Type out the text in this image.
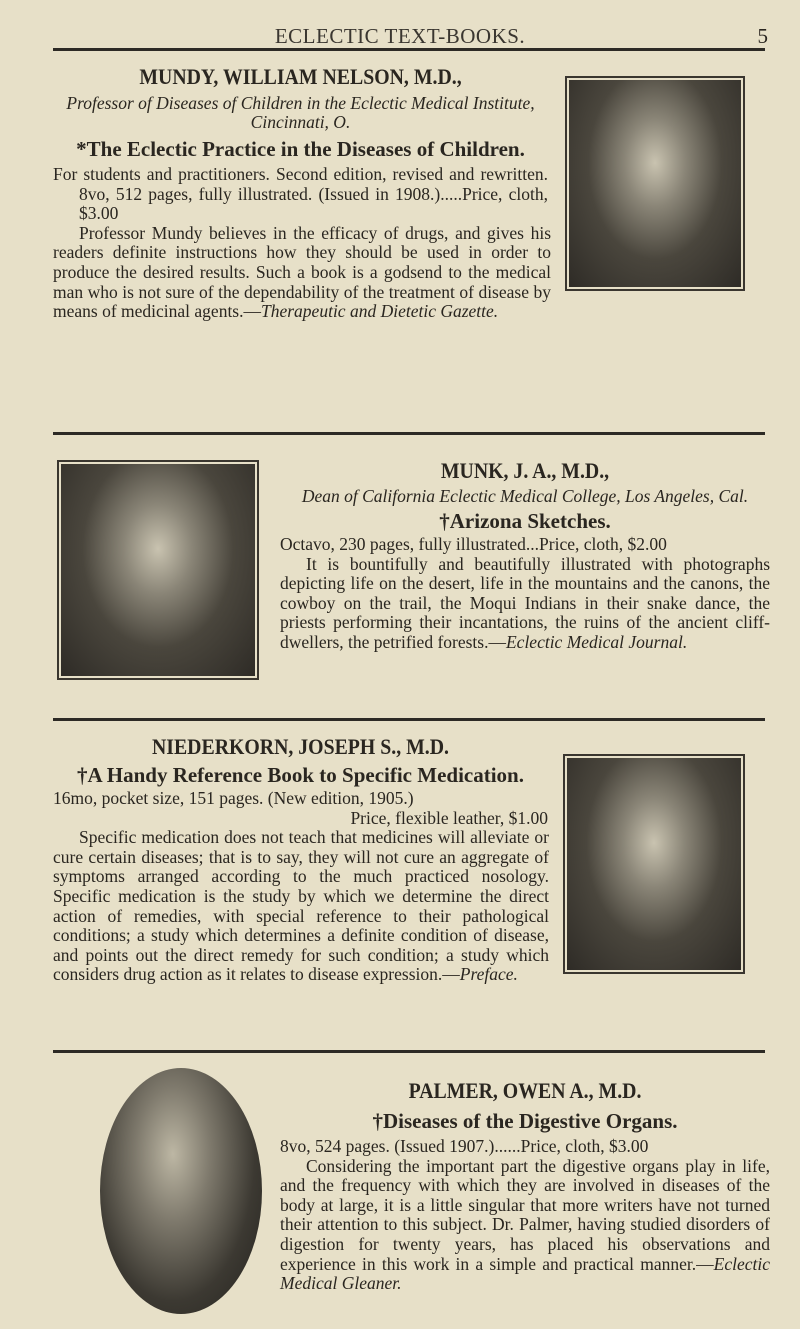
ECLECTIC TEXT-BOOKS.	5
MUNDY, WILLIAM NELSON, M.D.,
Professor of Diseases of Children in the Eclectic Medical Institute, Cincinnati, O.
*The Eclectic Practice in the Diseases of Children.

For students and practitioners. Second edition, revised and rewritten. 8vo, 512 pages, fully illustrated. (Issued in 1908.).....Price, cloth, $3.00

Professor Mundy believes in the efficacy of drugs, and gives his readers definite instructions how they should be used in order to produce the desired results. Such a book is a godsend to the medical man who is not sure of the dependability of the treatment of disease by means of medicinal agents.—Therapeutic and Dietetic Gazette.

MUNK, J. A., M.D.,
Dean of California Eclectic Medical College, Los Angeles, Cal.
†Arizona Sketches.

Octavo, 230 pages, fully illustrated...Price, cloth, $2.00

It is bountifully and beautifully illustrated with photographs depicting life on the desert, life in the mountains and the canons, the cowboy on the trail, the Moqui Indians in their snake dance, the priests performing their incantations, the ruins of the ancient cliff-dwellers, the petrified forests.—Eclectic Medical Journal.

NIEDERKORN, JOSEPH S., M.D.
†A Handy Reference Book to Specific Medication.

16mo, pocket size, 151 pages. (New edition, 1905.)

Price, flexible leather, $1.00

Specific medication does not teach that medicines will alleviate or cure certain diseases; that is to say, they will not cure an aggregate of symptoms arranged according to the much practiced nosology. Specific medication is the study by which we determine the direct action of remedies, with special reference to their pathological conditions; a study which determines a definite condition of disease, and points out the direct remedy for such condition; a study which considers drug action as it relates to disease expression.—Preface.

PALMER, OWEN A., M.D.
†Diseases of the Digestive Organs.

8vo, 524 pages. (Issued 1907.)......Price, cloth, $3.00

Considering the important part the digestive organs play in life, and the frequency with which they are involved in diseases of the body at large, it is a little singular that more writers have not turned their attention to this subject. Dr. Palmer, having studied disorders of digestion for twenty years, has placed his observations and experience in this work in a simple and practical manner.—Eclectic Medical Gleaner.
